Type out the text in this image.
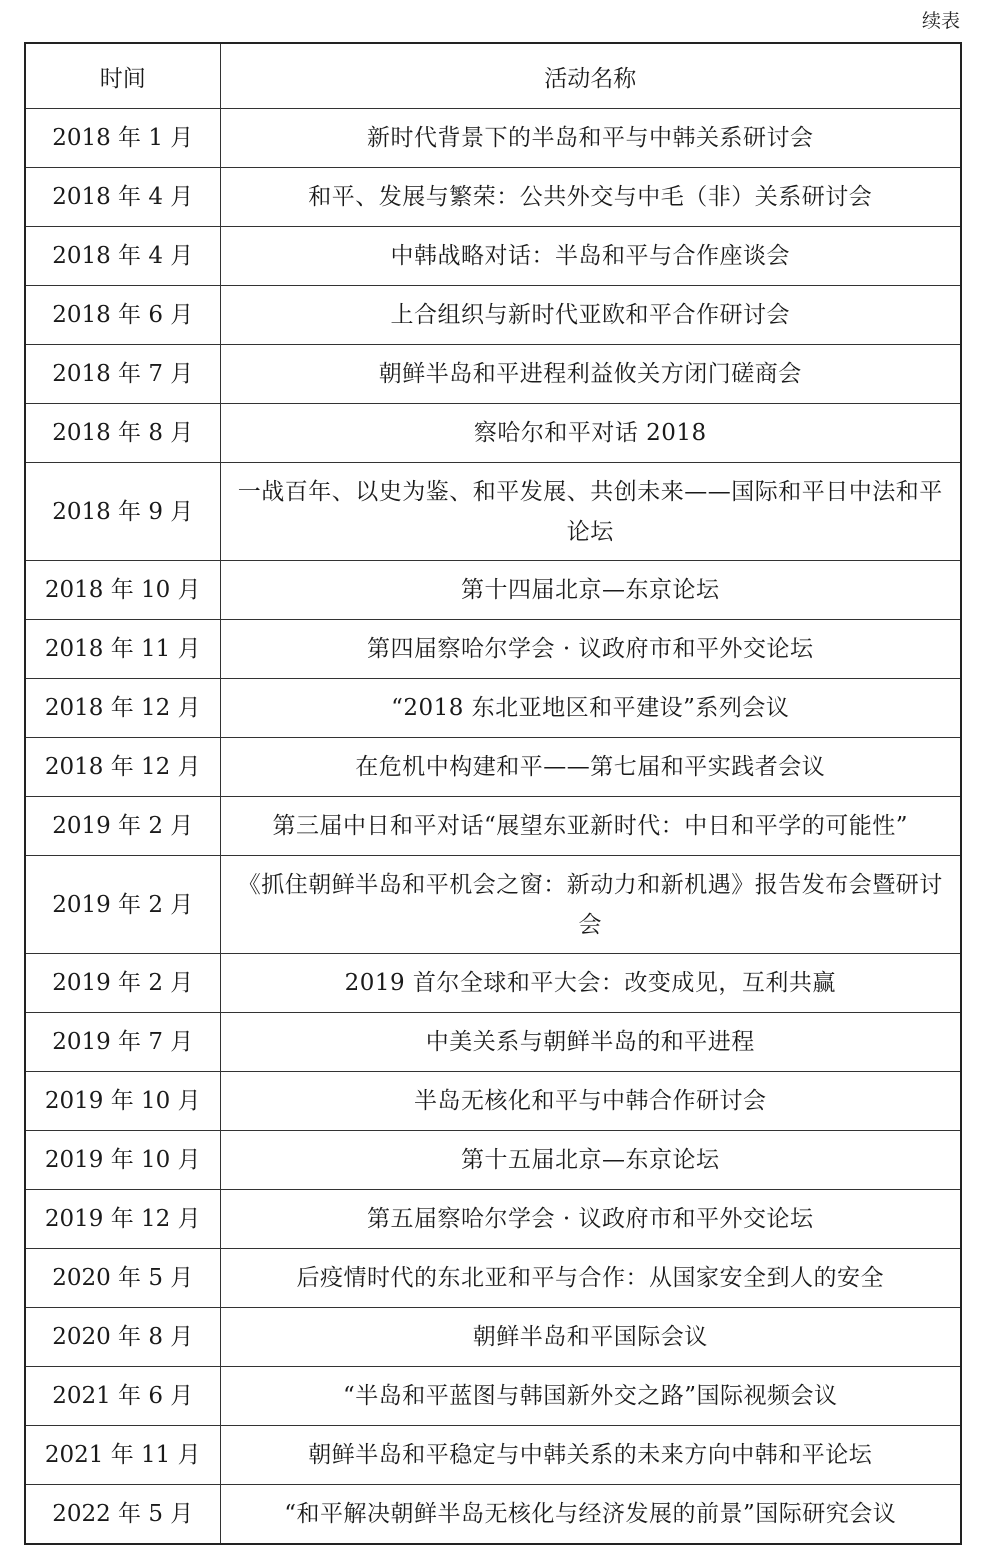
续表
时间	活动名称
2018 年 1 月	新时代背景下的半岛和平与中韩关系研讨会
2018 年 4 月	和平、发展与繁荣：公共外交与中毛（非）关系研讨会
2018 年 4 月	中韩战略对话：半岛和平与合作座谈会
2018 年 6 月	上合组织与新时代亚欧和平合作研讨会
2018 年 7 月	朝鲜半岛和平进程利益攸关方闭门磋商会
2018 年 8 月	察哈尔和平对话 2018
2018 年 9 月	一战百年、以史为鉴、和平发展、共创未来——国际和平日中法和平论坛
2018 年 10 月	第十四届北京—东京论坛
2018 年 11 月	第四届察哈尔学会 · 议政府市和平外交论坛
2018 年 12 月	“2018 东北亚地区和平建设”系列会议
2018 年 12 月	在危机中构建和平——第七届和平实践者会议
2019 年 2 月	第三届中日和平对话“展望东亚新时代：中日和平学的可能性”
2019 年 2 月	《抓住朝鲜半岛和平机会之窗：新动力和新机遇》报告发布会暨研讨会
2019 年 2 月	2019 首尔全球和平大会：改变成见，互利共赢
2019 年 7 月	中美关系与朝鲜半岛的和平进程
2019 年 10 月	半岛无核化和平与中韩合作研讨会
2019 年 10 月	第十五届北京—东京论坛
2019 年 12 月	第五届察哈尔学会 · 议政府市和平外交论坛
2020 年 5 月	后疫情时代的东北亚和平与合作：从国家安全到人的安全
2020 年 8 月	朝鲜半岛和平国际会议
2021 年 6 月	“半岛和平蓝图与韩国新外交之路”国际视频会议
2021 年 11 月	朝鲜半岛和平稳定与中韩关系的未来方向中韩和平论坛
2022 年 5 月	“和平解决朝鲜半岛无核化与经济发展的前景”国际研究会议
